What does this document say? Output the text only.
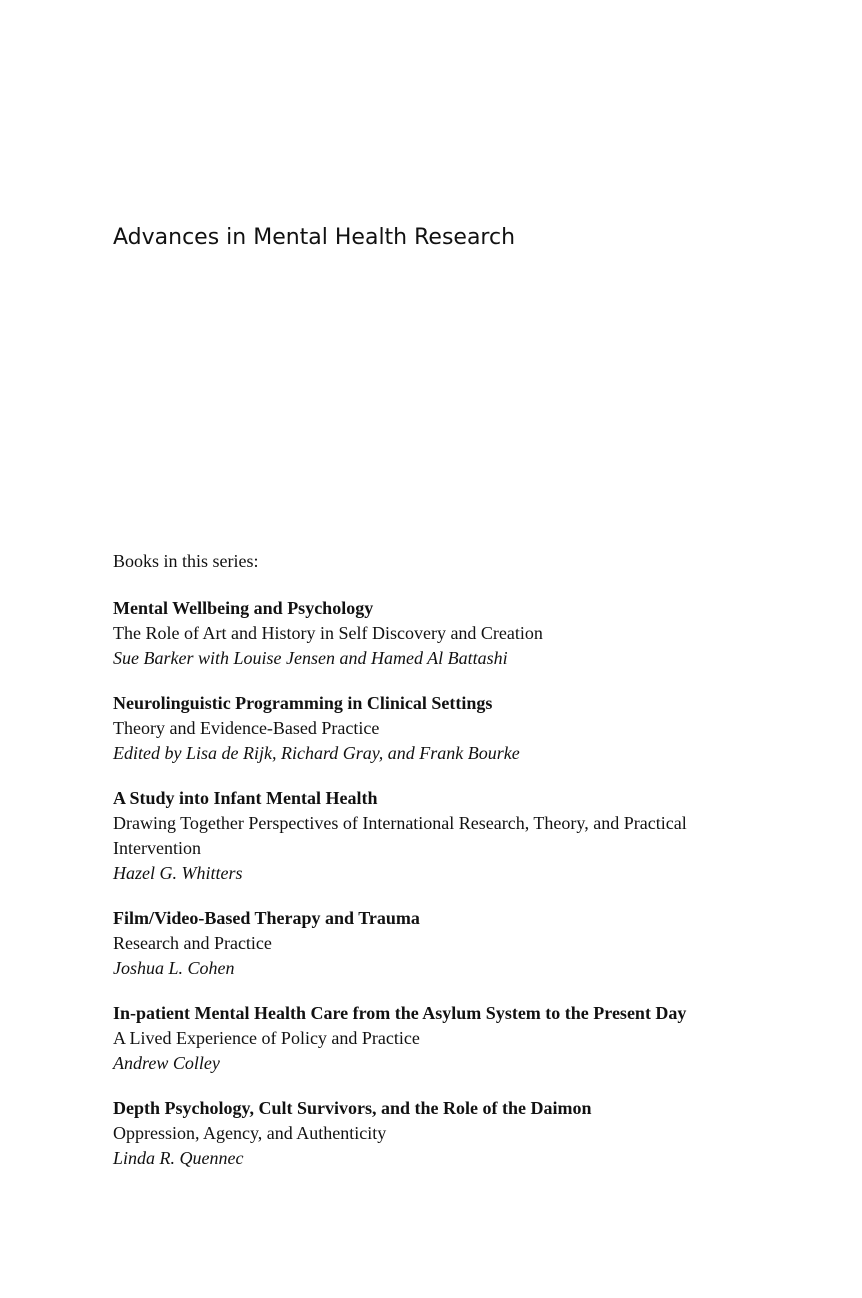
Advances in Mental Health Research

Books in this series:

Mental Wellbeing and Psychology
The Role of Art and History in Self Discovery and Creation
Sue Barker with Louise Jensen and Hamed Al Battashi
Neurolinguistic Programming in Clinical Settings
Theory and Evidence-Based Practice
Edited by Lisa de Rijk, Richard Gray, and Frank Bourke
A Study into Infant Mental Health
Drawing Together Perspectives of International Research, Theory, and Practical Intervention
Hazel G. Whitters
Film/Video-Based Therapy and Trauma
Research and Practice
Joshua L. Cohen
In-patient Mental Health Care from the Asylum System to the Present Day
A Lived Experience of Policy and Practice
Andrew Colley
Depth Psychology, Cult Survivors, and the Role of the Daimon
Oppression, Agency, and Authenticity
Linda R. Quennec
